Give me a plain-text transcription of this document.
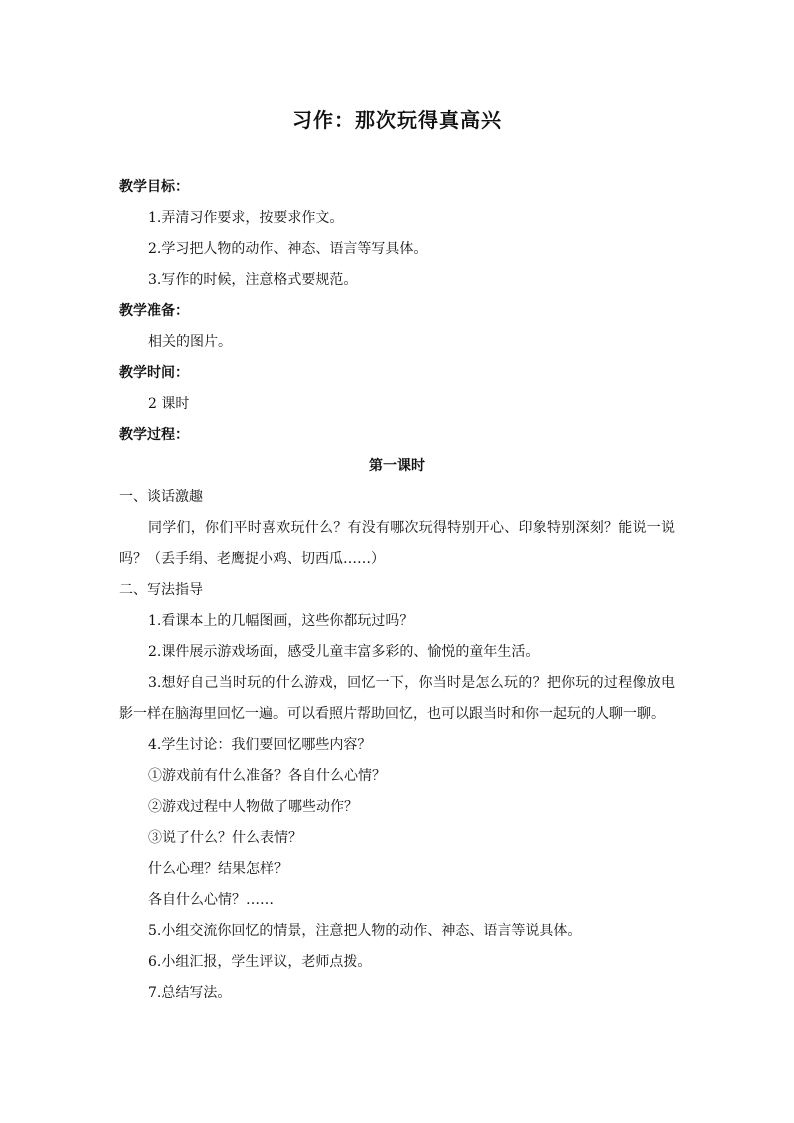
习作：那次玩得真高兴
教学目标：
1.弄清习作要求，按要求作文。
2.学习把人物的动作、神态、语言等写具体。
3.写作的时候，注意格式要规范。
教学准备：
相关的图片。
教学时间：
2 课时
教学过程：
第一课时
一、谈话激趣
同学们，你们平时喜欢玩什么？有没有哪次玩得特别开心、印象特别深刻？能说一说吗？（丢手绢、老鹰捉小鸡、切西瓜……）
二、写法指导
1.看课本上的几幅图画，这些你都玩过吗？
2.课件展示游戏场面，感受儿童丰富多彩的、愉悦的童年生活。
3.想好自己当时玩的什么游戏，回忆一下，你当时是怎么玩的？把你玩的过程像放电影一样在脑海里回忆一遍。可以看照片帮助回忆，也可以跟当时和你一起玩的人聊一聊。
4.学生讨论：我们要回忆哪些内容？
①游戏前有什么准备？各自什么心情？
②游戏过程中人物做了哪些动作？
③说了什么？什么表情？
什么心理？结果怎样？
各自什么心情？……
5.小组交流你回忆的情景，注意把人物的动作、神态、语言等说具体。
6.小组汇报，学生评议，老师点拨。
7.总结写法。
